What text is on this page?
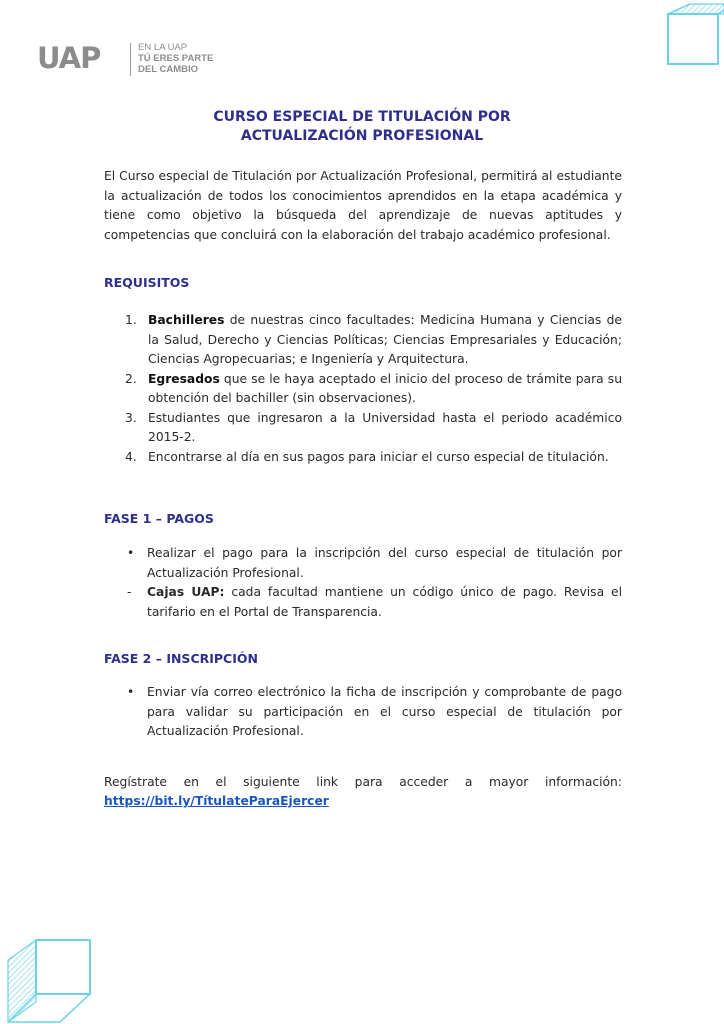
UAP	EN LA UAP
TÚ ERES PARTE
DEL CAMBIO
CURSO ESPECIAL DE TITULACIÓN POR
ACTUALIZACIÓN PROFESIONAL
El Curso especial de Titulación por Actualización Profesional, permitirá al estudiante la actualización de todos los conocimientos aprendidos en la etapa académica y tiene como objetivo la búsqueda del aprendizaje de nuevas aptitudes y competencias que concluirá con la elaboración del trabajo académico profesional.
REQUISITOS
1. Bachilleres de nuestras cinco facultades: Medicina Humana y Ciencias de la Salud, Derecho y Ciencias Políticas; Ciencias Empresariales y Educación; Ciencias Agropecuarias; e Ingeniería y Arquitectura.
2. Egresados que se le haya aceptado el inicio del proceso de trámite para su obtención del bachiller (sin observaciones).
3. Estudiantes que ingresaron a la Universidad hasta el periodo académico 2015-2.
4. Encontrarse al día en sus pagos para iniciar el curso especial de titulación.
FASE 1 – PAGOS
• Realizar el pago para la inscripción del curso especial de titulación por Actualización Profesional.
- Cajas UAP: cada facultad mantiene un código único de pago. Revisa el tarifario en el Portal de Transparencia.
FASE 2 – INSCRIPCIÓN
• Enviar vía correo electrónico la ficha de inscripción y comprobante de pago para validar su participación en el curso especial de titulación por Actualización Profesional.
Regístrate en el siguiente link para acceder a mayor información:
https://bit.ly/TítulateParaEjercer
